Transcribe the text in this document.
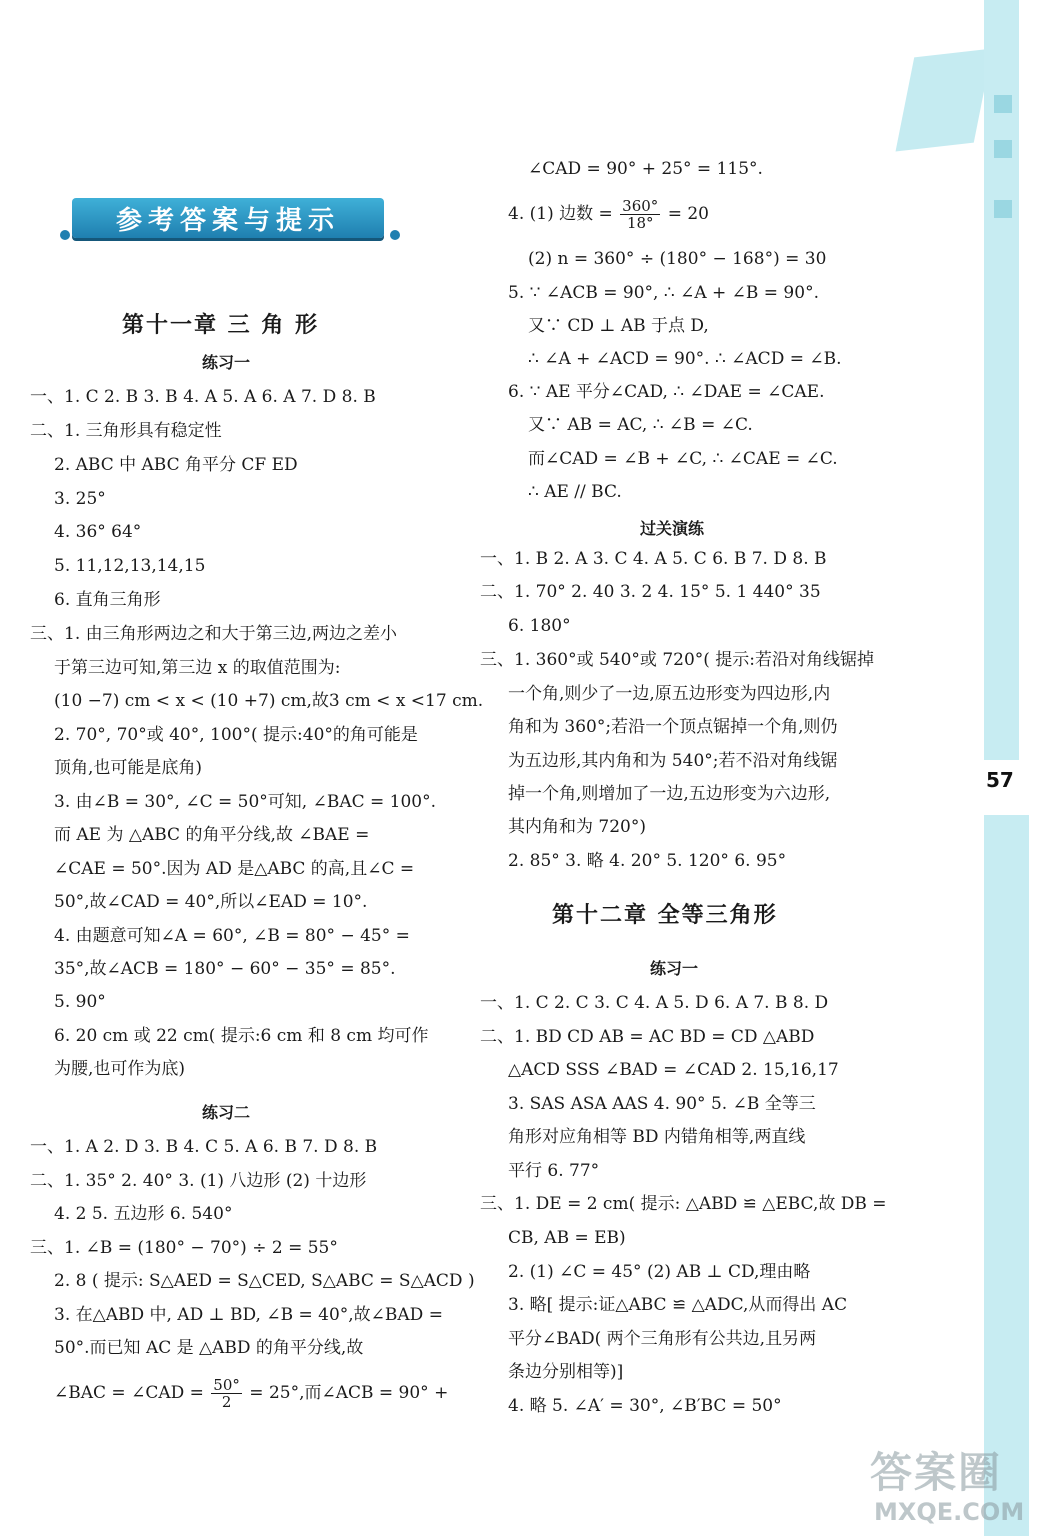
57
参考答案与提示
第十一章 三 角 形
练习一
一、1. C 2. B 3. B 4. A 5. A 6. A 7. D 8. B
二、1. 三角形具有稳定性
2. ABC 中 ABC 角平分 CF ED
3. 25°
4. 36° 64°
5. 11,12,13,14,15
6. 直角三角形
三、1. 由三角形两边之和大于第三边,两边之差小
于第三边可知,第三边 x 的取值范围为:
(10 −7) cm < x < (10 +7) cm,故3 cm < x <17 cm.
2. 70°, 70°或 40°, 100°( 提示:40°的角可能是
顶角,也可能是底角)
3. 由∠B = 30°, ∠C = 50°可知, ∠BAC = 100°.
而 AE 为 △ABC 的角平分线,故 ∠BAE =
∠CAE = 50°.因为 AD 是△ABC 的高,且∠C =
50°,故∠CAD = 40°,所以∠EAD = 10°.
4. 由题意可知∠A = 60°, ∠B = 80° − 45° =
35°,故∠ACB = 180° − 60° − 35° = 85°.
5. 90°
6. 20 cm 或 22 cm( 提示:6 cm 和 8 cm 均可作
为腰,也可作为底)
练习二
一、1. A 2. D 3. B 4. C 5. A 6. B 7. D 8. B
二、1. 35° 2. 40° 3. (1) 八边形 (2) 十边形
4. 2 5. 五边形 6. 540°
三、1. ∠B = (180° − 70°) ÷ 2 = 55°
2. 8 ( 提示: S△AED = S△CED, S△ABC = S△ACD )
3. 在△ABD 中, AD ⊥ BD, ∠B = 40°,故∠BAD =
50°.而已知 AC 是 △ABD 的角平分线,故
∠BAC = ∠CAD = $\frac{50^\circ}{2} = 25^\circ$,而∠ACB = 90° +
∠CAD = 90° + 25° = 115°.
4. (1) 边数 = $\frac{360^\circ}{18^\circ} = 20$
(2) n = 360° ÷ (180° − 168°) = 30
5. ∵ ∠ACB = 90°, ∴ ∠A + ∠B = 90°.
又∵ CD ⊥ AB 于点 D,
∴ ∠A + ∠ACD = 90°. ∴ ∠ACD = ∠B.
6. ∵ AE 平分∠CAD, ∴ ∠DAE = ∠CAE.
又∵ AB = AC, ∴ ∠B = ∠C.
而∠CAD = ∠B + ∠C, ∴ ∠CAE = ∠C.
∴ AE // BC.
过关演练
一、1. B 2. A 3. C 4. A 5. C 6. B 7. D 8. B
二、1. 70° 2. 40 3. 2 4. 15° 5. 1 440° 35
6. 180°
三、1. 360°或 540°或 720°( 提示:若沿对角线锯掉
一个角,则少了一边,原五边形变为四边形,内
角和为 360°;若沿一个顶点锯掉一个角,则仍
为五边形,其内角和为 540°;若不沿对角线锯
掉一个角,则增加了一边,五边形变为六边形,
其内角和为 720°)
2. 85° 3. 略 4. 20° 5. 120° 6. 95°
第十二章 全等三角形
练习一
一、1. C 2. C 3. C 4. A 5. D 6. A 7. B 8. D
二、1. BD CD AB = AC BD = CD △ABD
△ACD SSS ∠BAD = ∠CAD 2. 15,16,17
3. SAS ASA AAS 4. 90° 5. ∠B 全等三
角形对应角相等 BD 内错角相等,两直线
平行 6. 77°
三、1. DE = 2 cm( 提示: △ABD ≌ △EBC,故 DB =
CB, AB = EB)
2. (1) ∠C = 45° (2) AB ⊥ CD,理由略
3. 略[ 提示:证△ABC ≌ △ADC,从而得出 AC
平分∠BAD( 两个三角形有公共边,且另两
条边分别相等)]
4. 略 5. ∠A′ = 30°, ∠B′BC = 50°
答案圈
MXQE.COM
